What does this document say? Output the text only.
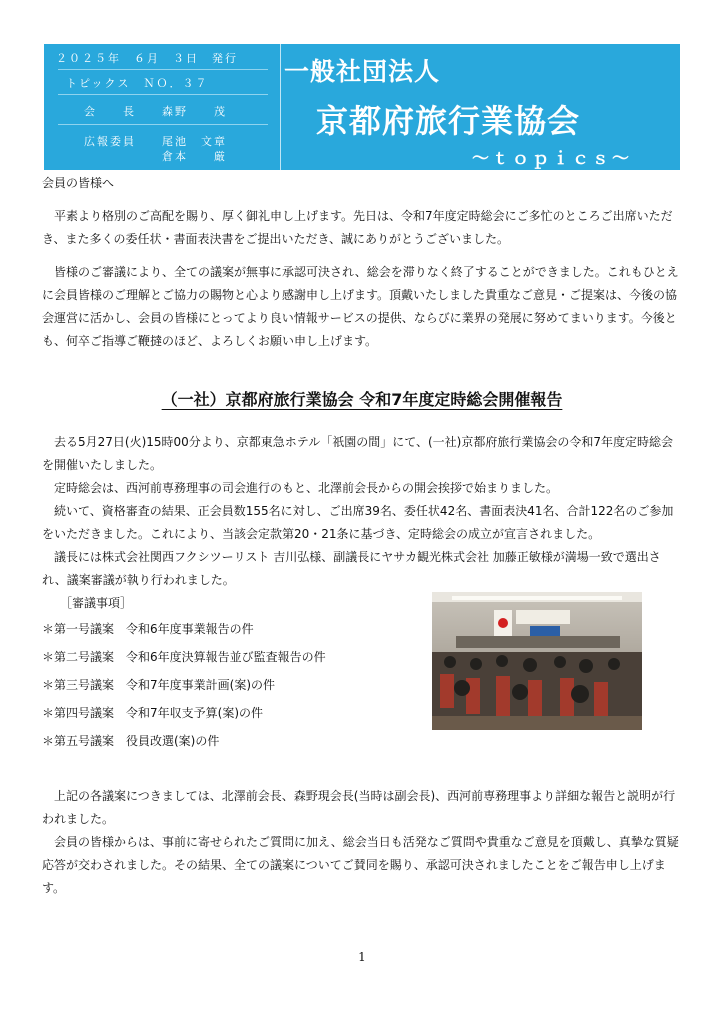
２０２５年　６月　３日　発行
トピックス　ＮＯ．３７
会　　長　　森野　　茂
広報委員　　尾池　文章
倉本　　厳
一般社団法人
京都府旅行業協会
～ｔｏｐｉｃｓ～

会員の皆様へ

平素より格別のご高配を賜り、厚く御礼申し上げます。先日は、令和7年度定時総会にご多忙のところご出席いただき、また多くの委任状・書面表決書をご提出いただき、誠にありがとうございました。

皆様のご審議により、全ての議案が無事に承認可決され、総会を滞りなく終了することができました。これもひとえに会員皆様のご理解とご協力の賜物と心より感謝申し上げます。頂戴いたしました貴重なご意見・ご提案は、今後の協会運営に活かし、会員の皆様にとってより良い情報サービスの提供、ならびに業界の発展に努めてまいります。今後とも、何卒ご指導ご鞭撻のほど、よろしくお願い申し上げます。

（一社）京都府旅行業協会 令和7年度定時総会開催報告

去る5月27日(火)15時00分より、京都東急ホテル「祇園の間」にて、(一社)京都府旅行業協会の令和7年度定時総会を開催いたしました。

定時総会は、西河前専務理事の司会進行のもと、北澤前会長からの開会挨拶で始まりました。

続いて、資格審査の結果、正会員数155名に対し、ご出席39名、委任状42名、書面表決41名、合計122名のご参加をいただきました。これにより、当該会定款第20・21条に基づき、定時総会の成立が宣言されました。

議長には株式会社関西フクシツーリスト 吉川弘様、副議長にヤサカ観光株式会社 加藤正敏様が満場一致で選出され、議案審議が執り行われました。

［審議事項］

＊第一号議案　令和6年度事業報告の件

＊第二号議案　令和6年度決算報告並び監査報告の件

＊第三号議案　令和7年度事業計画(案)の件

＊第四号議案　令和7年収支予算(案)の件

＊第五号議案　役員改選(案)の件

上記の各議案につきましては、北澤前会長、森野現会長(当時は副会長)、西河前専務理事より詳細な報告と説明が行われました。

会員の皆様からは、事前に寄せられたご質問に加え、総会当日も活発なご質問や貴重なご意見を頂戴し、真摯な質疑応答が交わされました。その結果、全ての議案についてご賛同を賜り、承認可決されましたことをご報告申し上げます。

1
